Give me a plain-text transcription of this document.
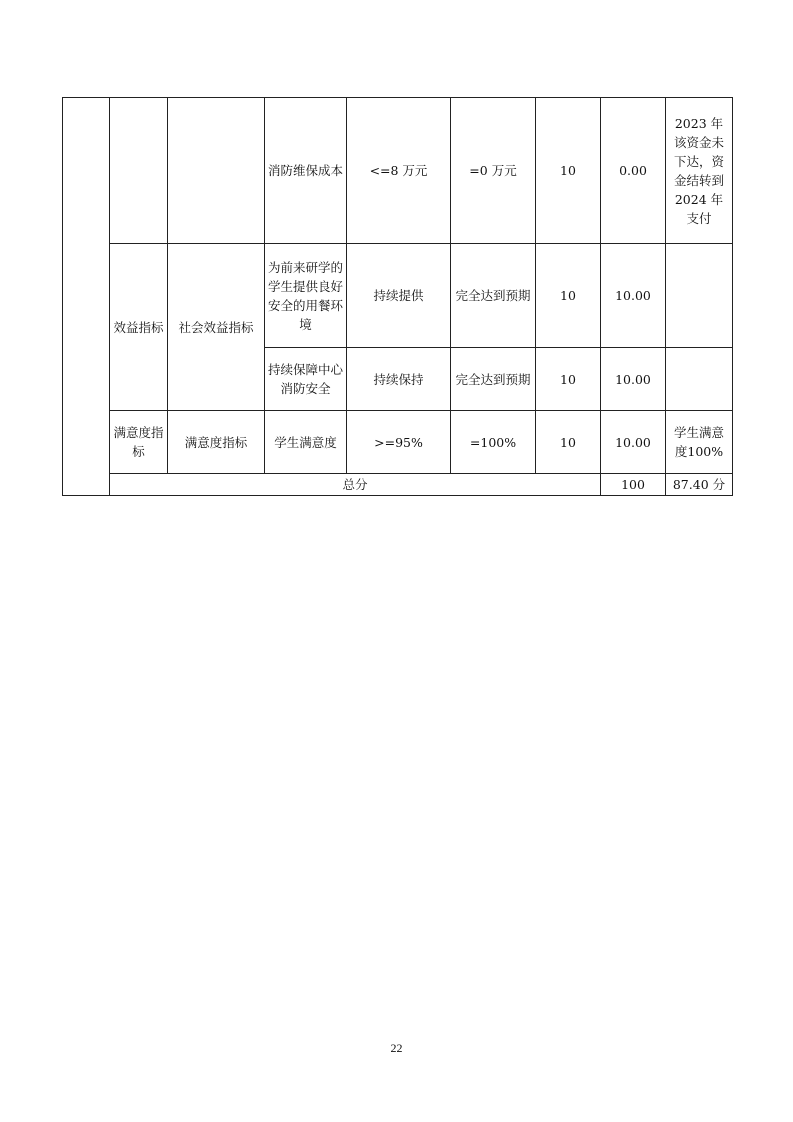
			消防维保成本	<=8 万元	=0 万元	10	0.00	2023 年该资金未下达，资金结转到 2024 年支付	
	效益指标	社会效益指标	为前来研学的学生提供良好安全的用餐环境	持续提供	完全达到预期	10	10.00		
			持续保障中心消防安全	持续保持	完全达到预期	10	10.00		
	满意度指标	满意度指标	学生满意度	>=95%	=100%	10	10.00	学生满意度100%	
	总分						100	87.40 分	
22
